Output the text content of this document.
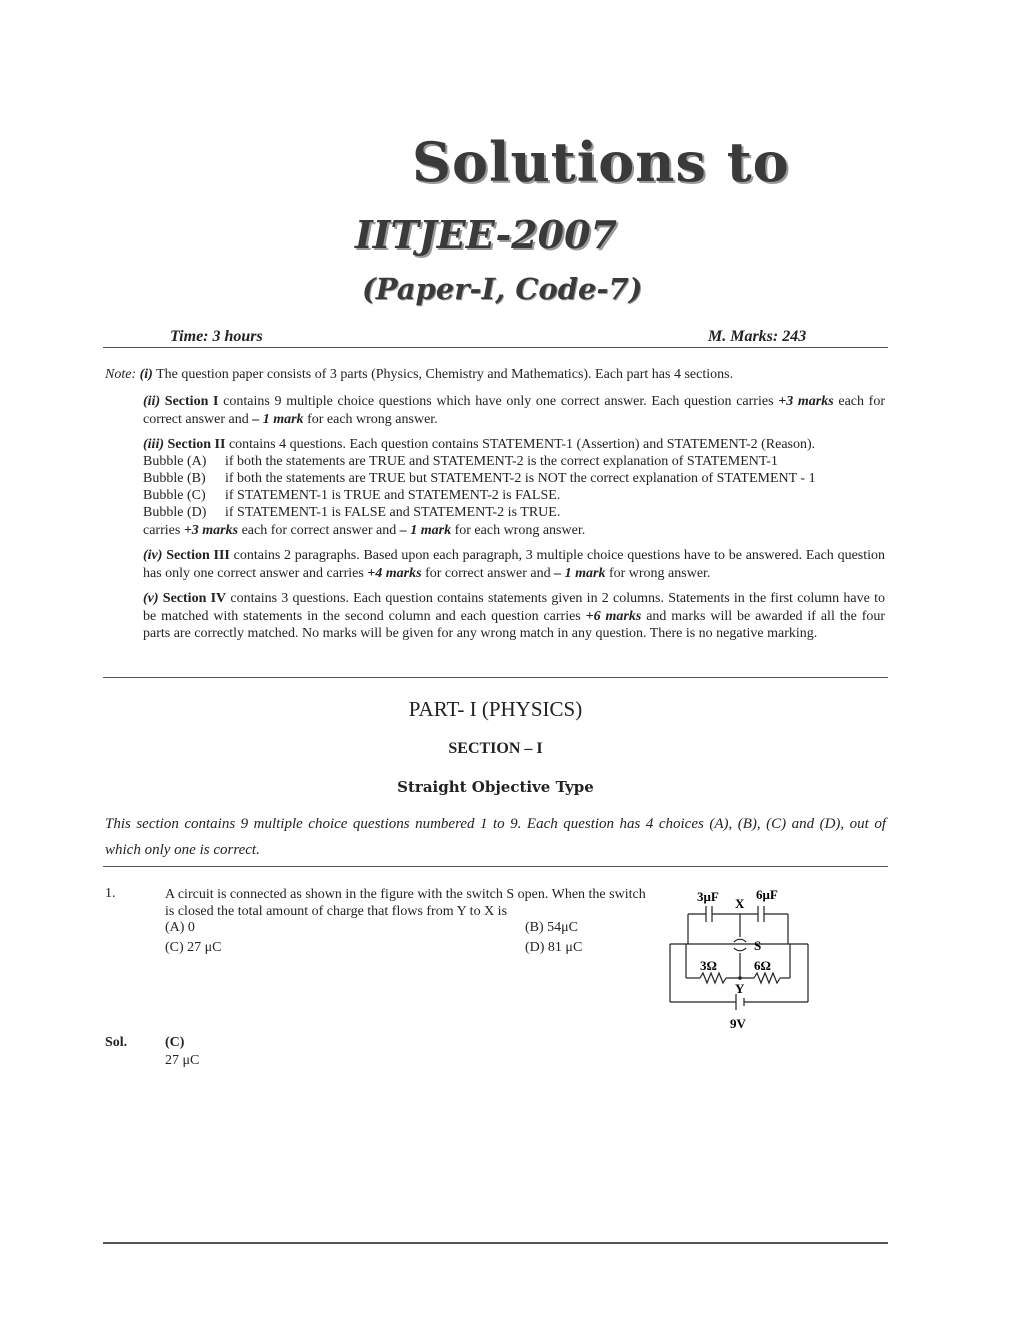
Solutions to
IITJEE-2007
(Paper-I, Code-7)
Time: 3 hours	M. Marks: 243
Note: (i) The question paper consists of 3 parts (Physics, Chemistry and Mathematics). Each part has 4 sections.
(ii) Section I contains 9 multiple choice questions which have only one correct answer. Each question carries +3 marks each for correct answer and – 1 mark for each wrong answer.
(iii) Section II contains 4 questions. Each question contains STATEMENT-1 (Assertion) and STATEMENT-2 (Reason).
Bubble (A) if both the statements are TRUE and STATEMENT-2 is the correct explanation of STATEMENT-1
Bubble (B) if both the statements are TRUE but STATEMENT-2 is NOT the correct explanation of STATEMENT - 1
Bubble (C) if STATEMENT-1 is TRUE and STATEMENT-2 is FALSE.
Bubble (D) if STATEMENT-1 is FALSE and STATEMENT-2 is TRUE.
carries +3 marks each for correct answer and – 1 mark for each wrong answer.
(iv) Section III contains 2 paragraphs. Based upon each paragraph, 3 multiple choice questions have to be answered. Each question has only one correct answer and carries +4 marks for correct answer and – 1 mark for wrong answer.
(v) Section IV contains 3 questions. Each question contains statements given in 2 columns. Statements in the first column have to be matched with statements in the second column and each question carries +6 marks and marks will be awarded if all the four parts are correctly matched. No marks will be given for any wrong match in any question. There is no negative marking.
PART- I (PHYSICS)
SECTION – I
Straight Objective Type
This section contains 9 multiple choice questions numbered 1 to 9. Each question has 4 choices (A), (B), (C) and (D), out of which only one is correct.
1.	A circuit is connected as shown in the figure with the switch S open. When the switch is closed the total amount of charge that flows from Y to X is
(A) 0	(B) 54μC
(C) 27 μC	(D) 81 μC
3μF	6μF
X
S
3Ω	6Ω
Y
9V
Sol.	(C)
27 μC
